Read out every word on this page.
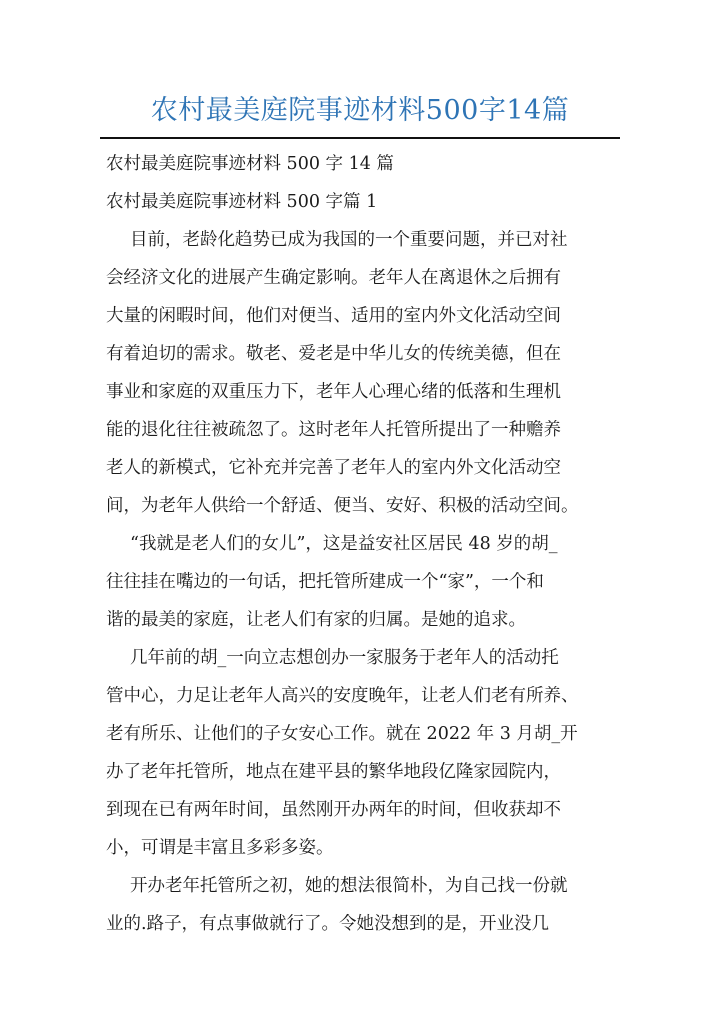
农村最美庭院事迹材料500字14篇
农村最美庭院事迹材料 500 字 14 篇
农村最美庭院事迹材料 500 字篇 1
目前，老龄化趋势已成为我国的一个重要问题，并已对社
会经济文化的进展产生确定影响。老年人在离退休之后拥有
大量的闲暇时间，他们对便当、适用的室内外文化活动空间
有着迫切的需求。敬老、爱老是中华儿女的传统美德，但在
事业和家庭的双重压力下，老年人心理心绪的低落和生理机
能的退化往往被疏忽了。这时老年人托管所提出了一种赡养
老人的新模式，它补充并完善了老年人的室内外文化活动空
间，为老年人供给一个舒适、便当、安好、积极的活动空间。
“我就是老人们的女儿”，这是益安社区居民 48 岁的胡_
往往挂在嘴边的一句话，把托管所建成一个“家”，一个和
谐的最美的家庭，让老人们有家的归属。是她的追求。
几年前的胡_一向立志想创办一家服务于老年人的活动托
管中心，力足让老年人高兴的安度晚年，让老人们老有所养、
老有所乐、让他们的子女安心工作。就在 2022 年 3 月胡_开
办了老年托管所，地点在建平县的繁华地段亿隆家园院内，
到现在已有两年时间，虽然刚开办两年的时间，但收获却不
小，可谓是丰富且多彩多姿。
开办老年托管所之初，她的想法很简朴，为自己找一份就
业的.路子，有点事做就行了。令她没想到的是，开业没几
